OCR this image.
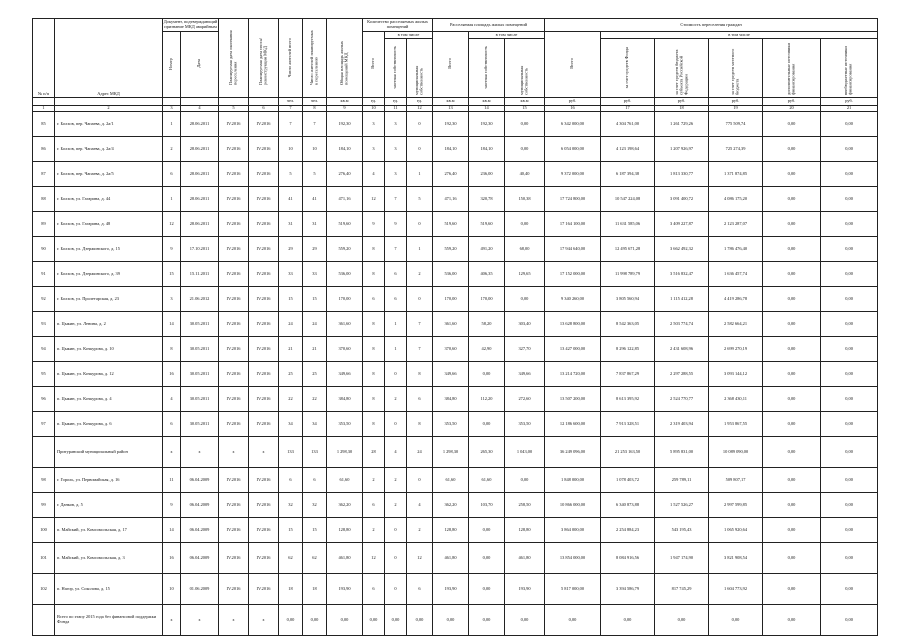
№ п/п	Адрес МКД	Документ, подтверждающий признание МКД аварийным		Планируемая дата окончания переселения	Планируемая дата сноса/реконструкции МКД	Число жителей всего	Число жителей планируемых к переселению	Общая площадь жилых помещений МКД	Количество расселяемых жилых помещений			Расселяемая площадь жилых помещений			Стоимость переселения граждан					
		Номер	Дата						Всего	в том числе		Всего	в том числе		Всего	в том числе				
										частная собственность	муниципальная собственность		частная собственность	муниципальная собственность		за счет средств Фонда	за счет средств бюджета субъекта Российской Федерации	за счет средств местного бюджета	дополнительные источники финансирования	внебюджетные источники финансирования
						чел.	чел.	кв.м	ед.	ед.	ед.	кв.м	кв.м	кв.м	руб.	руб.	руб.	руб.	руб.	руб.
1	2	3	4	5	6	7	8	9	10	11	12	13	14	15	16	17	18	19	20	21
85	г. Болхов, пер. Чапаева, д. 2а/1	1	28.06.2011	IV.2016	IV.2016	7	7	192,30	3	3	0	192,30	192,30	0,00	6 342 000,00	4 304 761,00	1 261 729,26	775 509,74	0,00	0,00
86	г. Болхов, пер. Чапаева, д. 2а/4	2	28.06.2011	IV.2016	IV.2016	10	10	184,10	3	3	0	184,10	184,10	0,00	6 054 000,00	4 123 198,64	1 207 926,97	725 274,39	0,00	0,00
87	г. Болхов, пер. Чапаева, д. 2а/5	6	28.06.2011	IV.2016	IV.2016	5	5	276,40	4	3	1	276,40	236,00	40,40	9 372 000,00	6 187 394,38	1 813 330,77	1 371 874,85	0,00	0,00
88	г. Болхов, ул. Гагарина, д. 44	1	28.06.2011	IV.2016	IV.2016	41	41	471,16	12	7	5	471,16	320,78	150,38	17 724 800,00	10 547 224,08	3 091 400,72	4 086 175,20	0,00	0,00
89	г. Болхов, ул. Гагарина, д. 48	12	28.06.2011	IV.2016	IV.2016	31	31	519,60	9	9	0	519,60	519,60	0,00	17 164 100,00	11 631 585,06	3 409 227,87	2 123 287,07	0,00	0,00
90	г. Болхов, ул. Дзержинского, д. 15	9	17.10.2011	IV.2016	IV.2016	29	29	559,20	8	7	1	559,20	491,20	68,00	17 944 640,00	12 495 671,28	3 662 492,32	1 786 476,40	0,00	0,00
91	г. Болхов, ул. Дзержинского, д. 39	15	15.11.2011	IV.2016	IV.2016	33	33	536,00	8	6	2	536,00	406,35	129,65	17 152 000,00	11 998 789,79	3 516 832,47	1 636 457,74	0,00	0,00
92	г. Болхов, ул. Пролетарская, д. 23	3	21.06.2012	IV.2016	IV.2016	15	15	170,00	6	6	0	170,00	170,00	0,00	9 340 260,00	3 805 560,94	1 115 412,28	4 419 286,78	0,00	0,00
93	п. Цыкин, ул. Ленина, д. 2	14	30.05.2011	IV.2016	IV.2016	24	24	361,60	8	1	7	361,60	58,20	303,40	13 628 800,00	8 542 363,05	2 503 774,74	2 582 664,21	0,00	0,00
94	п. Цыкин, ул. Кочкурова, д. 10	8	30.05.2011	IV.2016	IV.2016	21	21	370,60	8	1	7	370,60	42,90	327,70	13 427 000,00	8 296 122,85	2 431 608,96	2 699 270,19	0,00	0,00
95	п. Цыкин, ул. Кочкурова, д. 12	16	30.05.2011	IV.2016	IV.2016	25	25	349,66	8	0	8	349,66	0,00	349,66	13 214 720,00	7 837 867,29	2 297 288,55	3 093 144,12	0,00	0,00
96	п. Цыкин, ул. Кочкурова, д. 4	4	30.05.2011	IV.2016	IV.2016	22	22	384,80	8	2	6	384,80	112,20	272,60	13 507 200,00	8 613 395,92	2 524 770,77	2 368 430,11	0,00	0,00
97	п. Цыкин, ул. Кочкурова, д. 6	6	30.05.2011	IV.2016	IV.2016	34	34	353,50	8	0	8	353,50	0,00	353,50	12 186 600,00	7 913 328,51	2 319 403,94	1 953 867,55	0,00	0,00
	Притуранский муниципальный район	x	x	x	x	133	133	1 298,30	28	4	24	1 298,30	265,30	1 043,00	36 249 096,00	21 253 163,50	5 895 831,00	10 089 090,00	0,00	0,00
98	г. Гороль, ул. Первомайская, д. 16	11	06.04.2009	IV.2016	IV.2016	6	6	61,60	2	2	0	61,60	61,60	0,00	1 848 000,00	1 078 403,72	259 789,11	509 807,17	0,00	0,00
99	г. Данков, д. 5	9	06.04.2009	IV.2016	IV.2016	32	32	362,20	6	2	4	362,20	103,70	258,50	10 866 000,00	6 340 873,88	1 527 526,27	2 997 599,85	0,00	0,00
100	п. Майский, ул. Комсомольская, д. 17	14	06.04.2009	IV.2016	IV.2016	15	15	128,80	2	0	2	128,80	0,00	128,80	3 864 000,00	2 254 884,23	543 195,43	1 065 920,64	0,00	0,00
101	п. Майский, ул. Комсомольская, д. 3	16	06.04.2009	IV.2016	IV.2016	62	62	461,80	12	0	12	461,80	0,00	461,80	13 854 000,00	8 084 916,56	1 947 174,90	3 821 908,54	0,00	0,00
102	п. Нагор, ул. Соколова, д. 15	10	01.06.2009	IV.2016	IV.2016	18	18	193,90	6	0	6	193,90	0,00	193,90	5 817 000,00	3 394 586,79	817 745,29	1 604 773,92	0,00	0,00
	Всего по этапу 2015 года без финансовой поддержки Фонда	x	x	x	x	0,00	0,00	0,00	0,00	0,00	0,00	0,00	0,00	0,00	0,00	0,00	0,00	0,00	0,00	0,00
